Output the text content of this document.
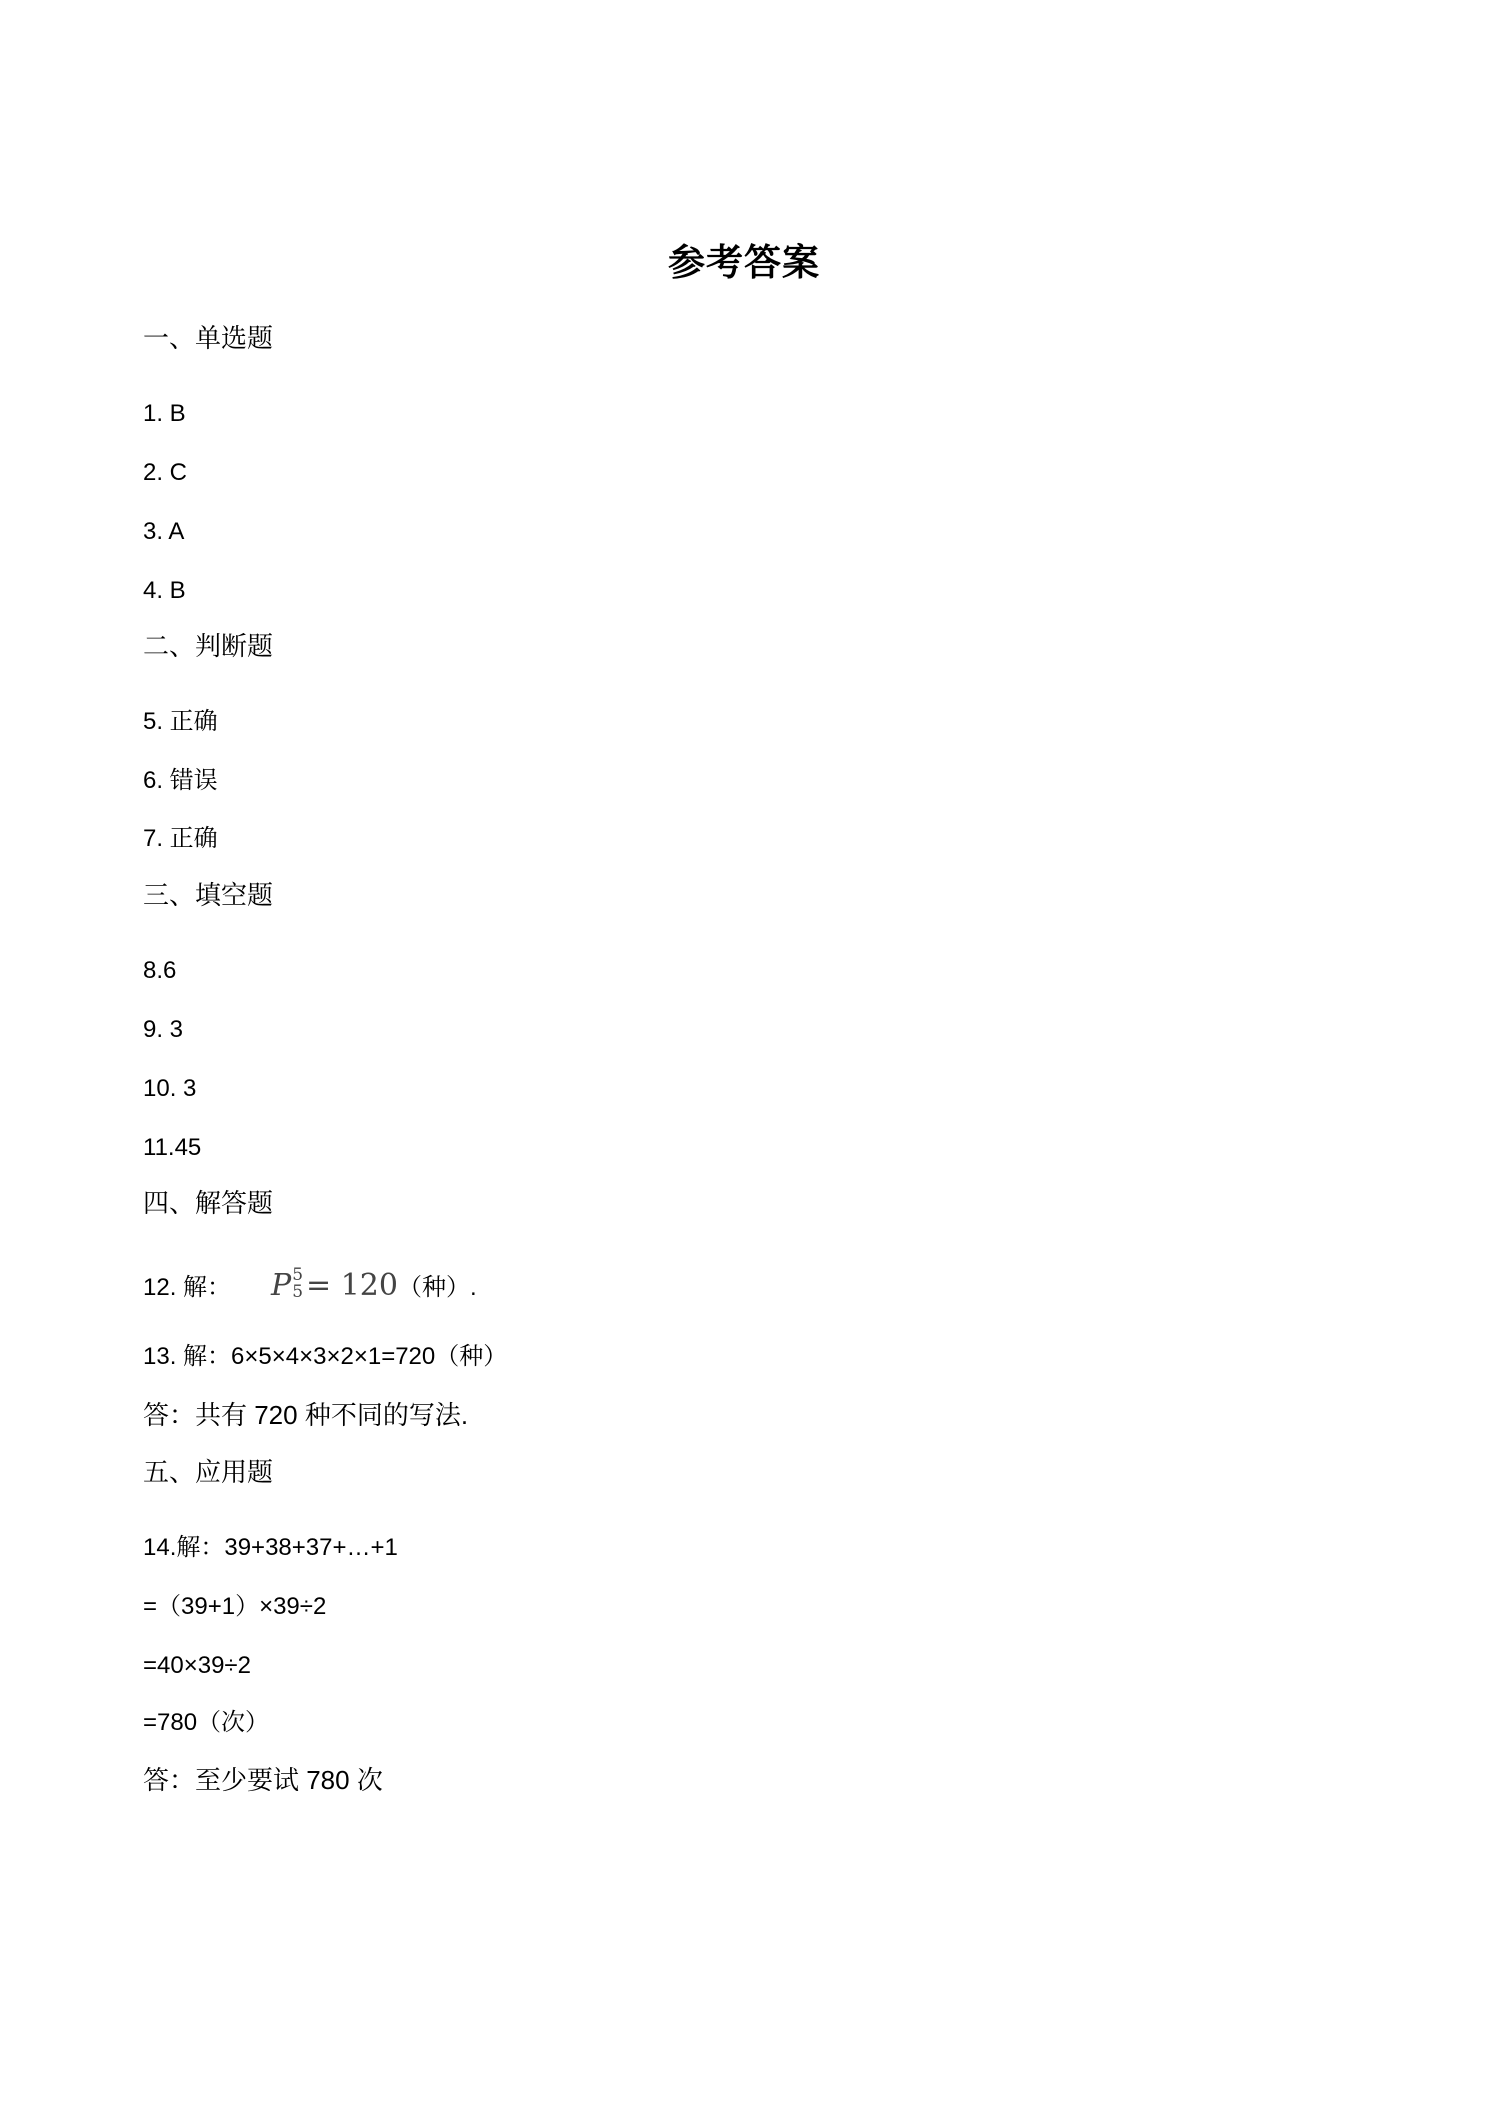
参考答案
一、单选题
1. B
2. C
3. A
4. B
二、判断题
5. 正确
6. 错误
7. 正确
三、填空题
8.6
9. 3
10. 3
11.45
四、解答题
12. 解： P 5
5 = 120（种）.
13. 解：6×5×4×3×2×1=720（种）
答：共有 720 种不同的写法.
五、应用题
14.解：39+38+37+…+1
=（39+1）×39÷2
=40×39÷2
=780（次）
答：至少要试 780 次
